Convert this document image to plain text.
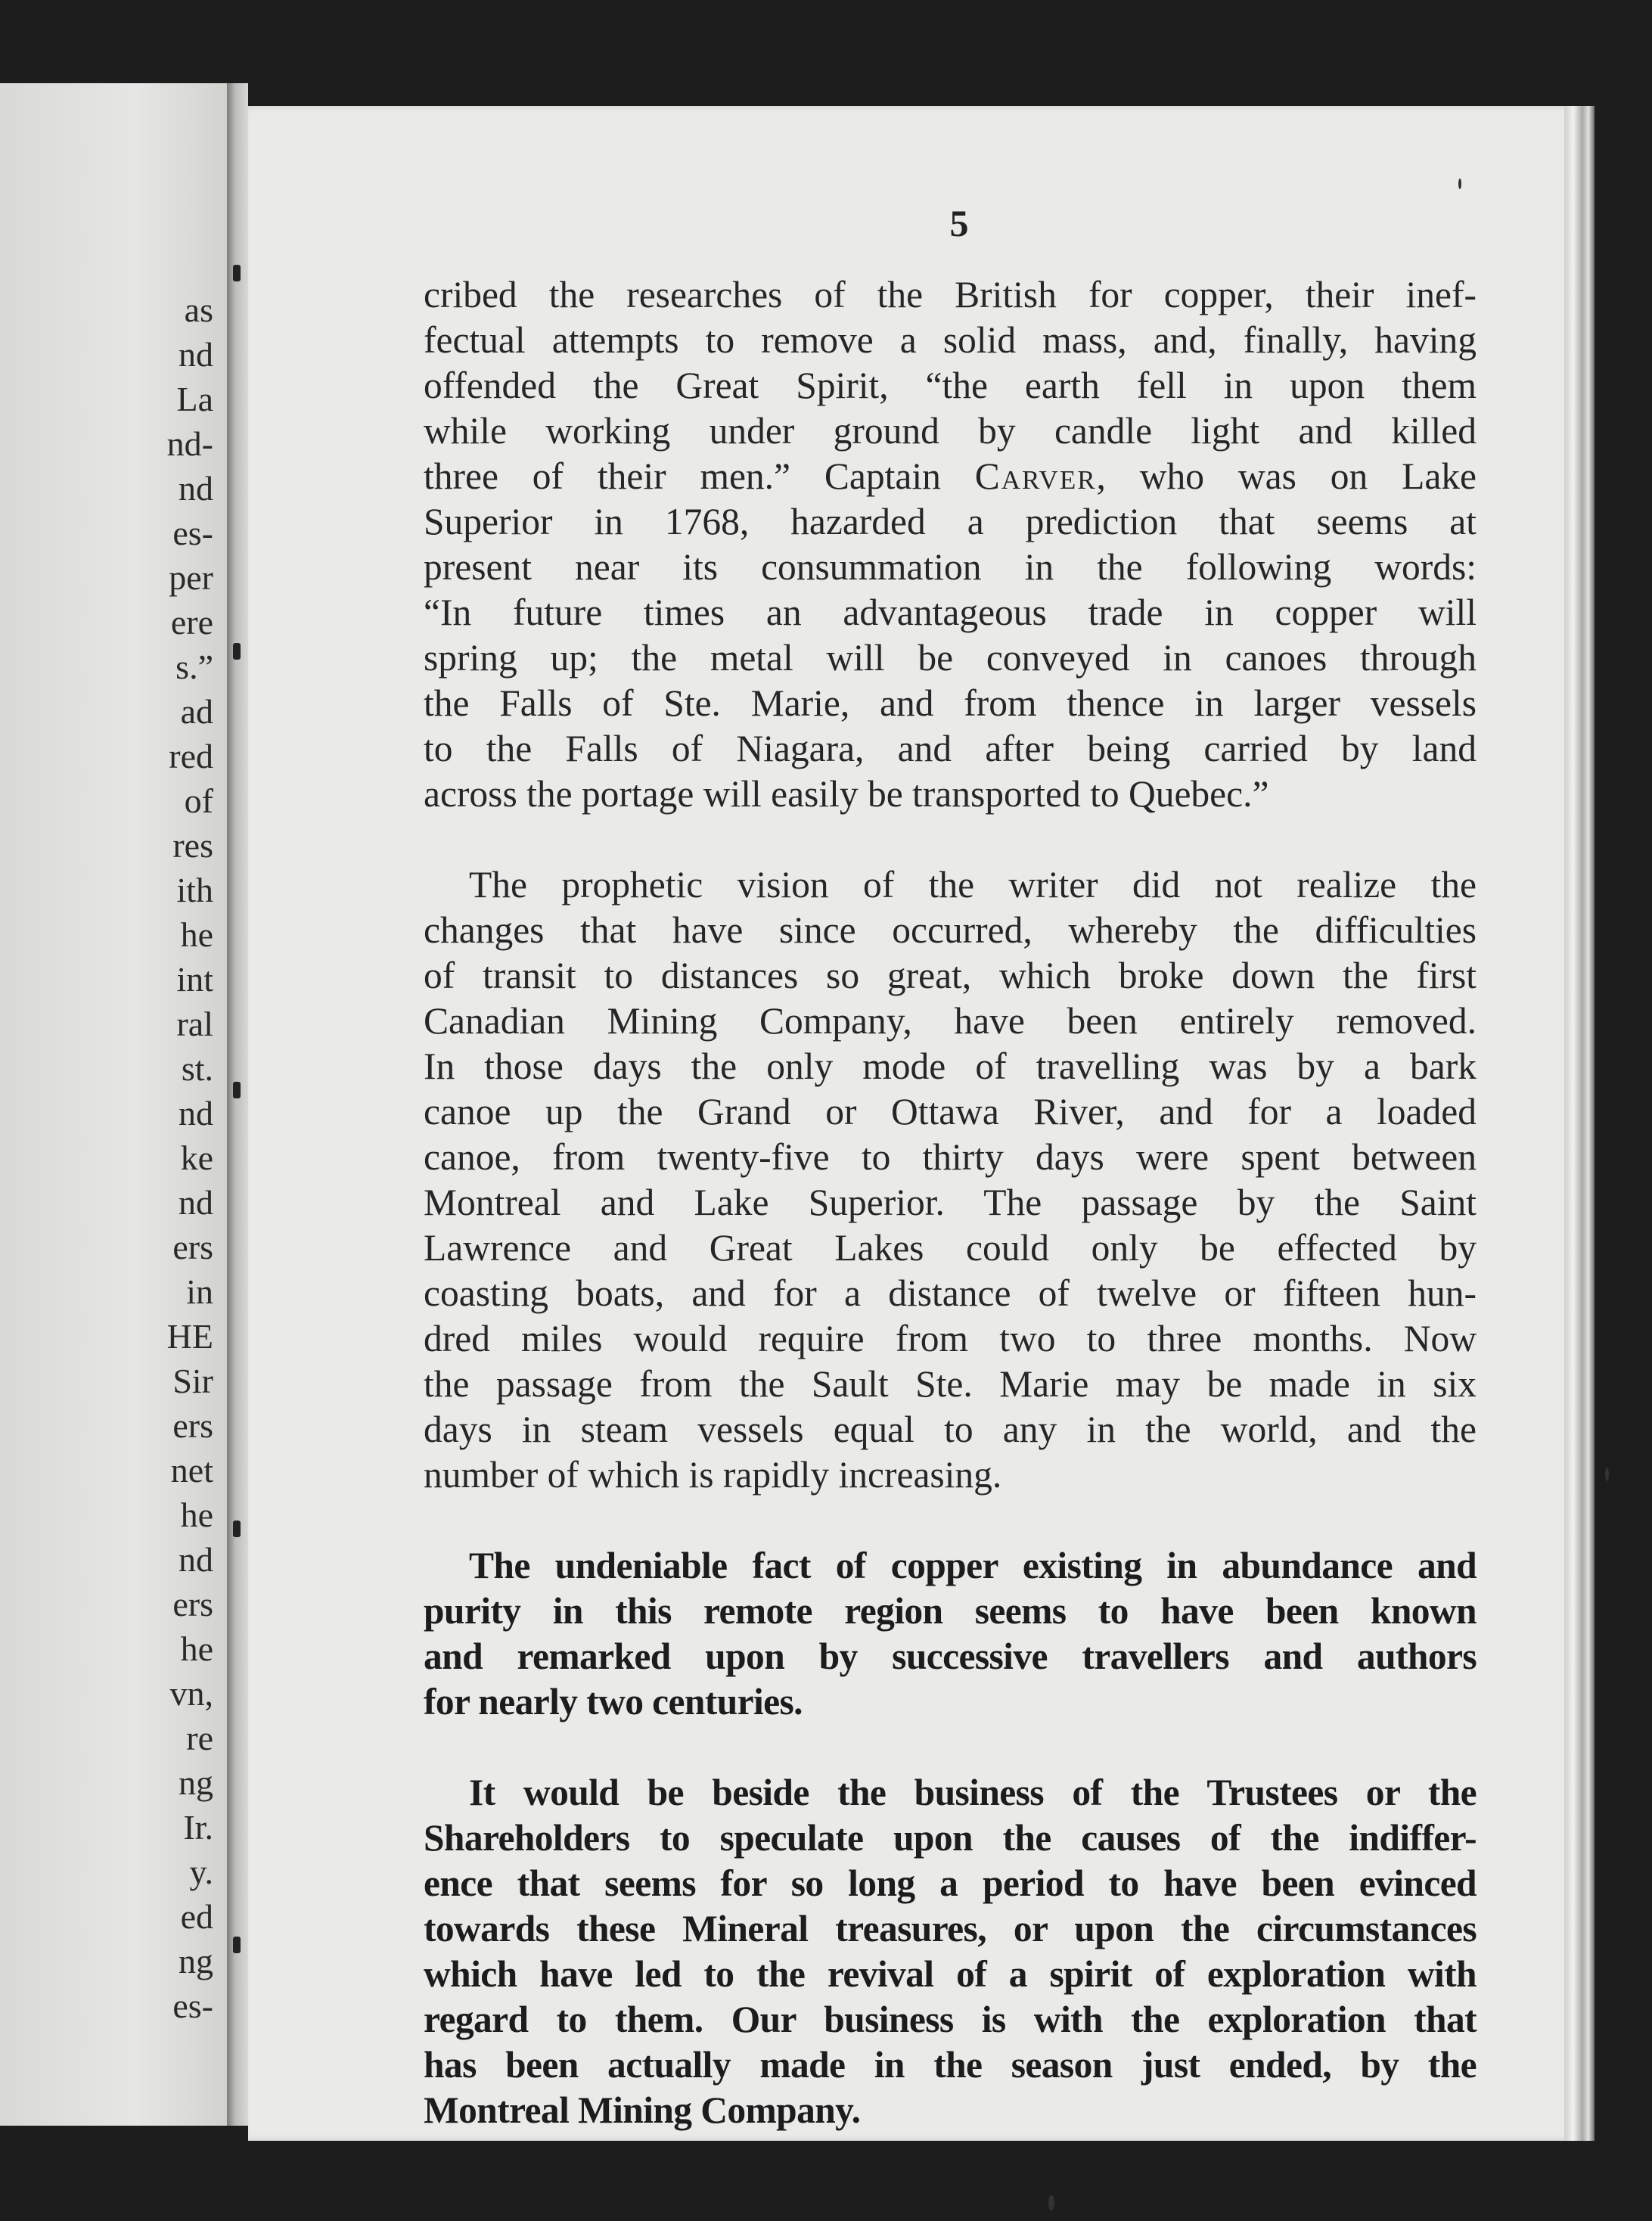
as
nd
La
nd-
nd
es-
per
ere
s.”
ad
red
of
res
ith
he
int
ral
st.
nd
ke
nd
ers
in
HE
Sir
ers
net
he
nd
ers
he
vn,
re
ng
Ir.
y.
ed
ng
es-
5
cribed the researches of the British for copper, their inef-
fectual attempts to remove a solid mass, and, finally, having
offended the Great Spirit, “the earth fell in upon them
while working under ground by candle light and killed
three of their men.” Captain Carver, who was on Lake
Superior in 1768, hazarded a prediction that seems at
present near its consummation in the following words:
“In future times an advantageous trade in copper will
spring up; the metal will be conveyed in canoes through
the Falls of Ste. Marie, and from thence in larger vessels
to the Falls of Niagara, and after being carried by land
across the portage will easily be transported to Quebec.”
The prophetic vision of the writer did not realize the
changes that have since occurred, whereby the difficulties
of transit to distances so great, which broke down the first
Canadian Mining Company, have been entirely removed.
In those days the only mode of travelling was by a bark
canoe up the Grand or Ottawa River, and for a loaded
canoe, from twenty-five to thirty days were spent between
Montreal and Lake Superior. The passage by the Saint
Lawrence and Great Lakes could only be effected by
coasting boats, and for a distance of twelve or fifteen hun-
dred miles would require from two to three months. Now
the passage from the Sault Ste. Marie may be made in six
days in steam vessels equal to any in the world, and the
number of which is rapidly increasing.
The undeniable fact of copper existing in abundance and
purity in this remote region seems to have been known
and remarked upon by successive travellers and authors
for nearly two centuries.
It would be beside the business of the Trustees or the
Shareholders to speculate upon the causes of the indiffer-
ence that seems for so long a period to have been evinced
towards these Mineral treasures, or upon the circumstances
which have led to the revival of a spirit of exploration with
regard to them. Our business is with the exploration that
has been actually made in the season just ended, by the
Montreal Mining Company.
